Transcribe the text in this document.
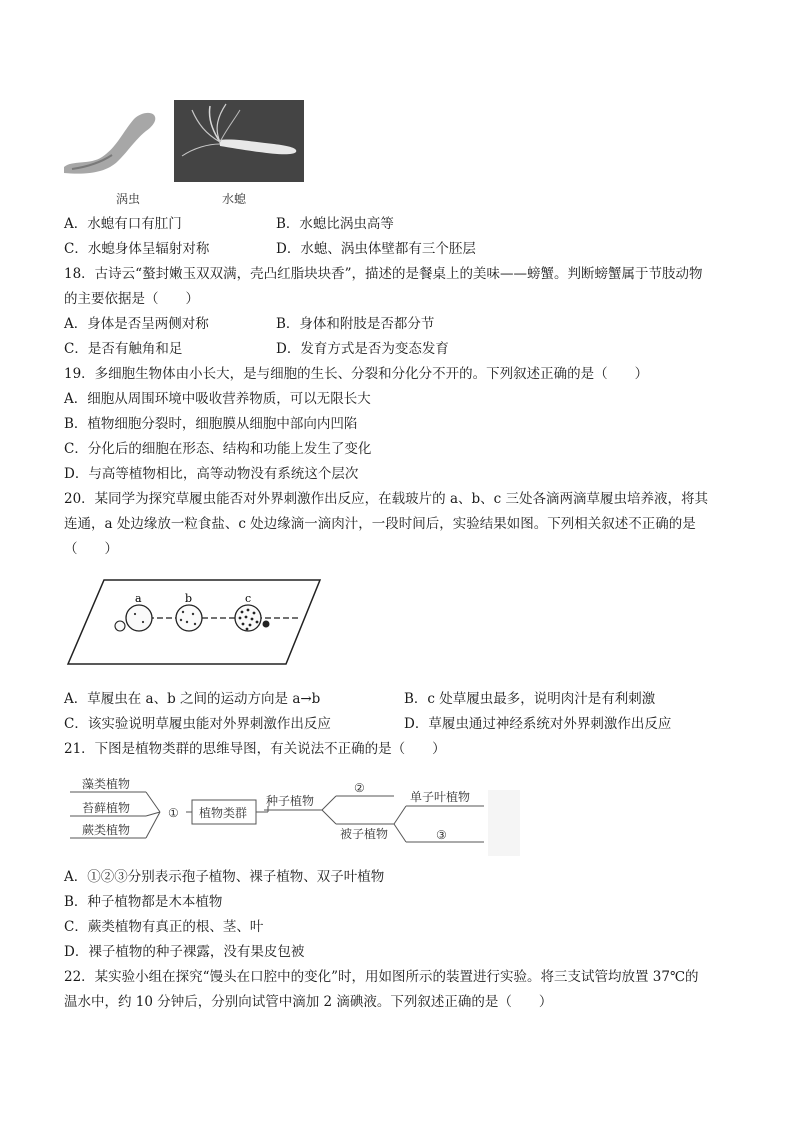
涡虫	水螅
A．水螅有口有肛门	B．水螅比涡虫高等
C．水螅身体呈辐射对称	D．水螅、涡虫体壁都有三个胚层
18．古诗云“螯封嫩玉双双满，壳凸红脂块块香”，描述的是餐桌上的美味——螃蟹。判断螃蟹属于节肢动物
的主要依据是（　　）
A．身体是否呈两侧对称	B．身体和附肢是否都分节
C．是否有触角和足	D．发育方式是否为变态发育
19．多细胞生物体由小长大，是与细胞的生长、分裂和分化分不开的。下列叙述正确的是（　　）
A．细胞从周围环境中吸收营养物质，可以无限长大
B．植物细胞分裂时，细胞膜从细胞中部向内凹陷
C．分化后的细胞在形态、结构和功能上发生了变化
D．与高等植物相比，高等动物没有系统这个层次
20．某同学为探究草履虫能否对外界刺激作出反应，在载玻片的 a、b、c 三处各滴两滴草履虫培养液，将其
连通，a 处边缘放一粒食盐、c 处边缘滴一滴肉汁，一段时间后，实验结果如图。下列相关叙述不正确的是
（　　）
a	b	c
A．草履虫在 a、b 之间的运动方向是 a→b	B．c 处草履虫最多，说明肉汁是有利刺激
C．该实验说明草履虫能对外界刺激作出反应	D．草履虫通过神经系统对外界刺激作出反应
21．下图是植物类群的思维导图，有关说法不正确的是（　　）
藻类植物
苔藓植物
蕨类植物
① 植物类群
种子植物
②
被子植物
单子叶植物
③
A．①②③分别表示孢子植物、裸子植物、双子叶植物
B．种子植物都是木本植物
C．蕨类植物有真正的根、茎、叶
D．裸子植物的种子裸露，没有果皮包被
22．某实验小组在探究“馒头在口腔中的变化”时，用如图所示的装置进行实验。将三支试管均放置 37℃的
温水中，约 10 分钟后，分别向试管中滴加 2 滴碘液。下列叙述正确的是（　　）
